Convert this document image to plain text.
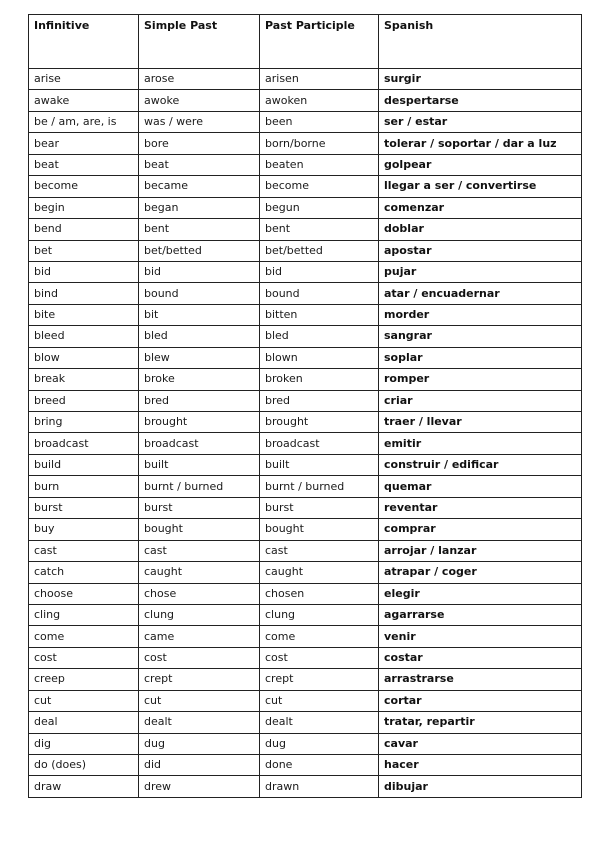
Infinitive	Simple Past	Past Participle	Spanish
arise	arose	arisen	surgir
awake	awoke	awoken	despertarse
be / am, are, is	was / were	been	ser / estar
bear	bore	born/borne	tolerar / soportar / dar a luz
beat	beat	beaten	golpear
become	became	become	llegar a ser / convertirse
begin	began	begun	comenzar
bend	bent	bent	doblar
bet	bet/betted	bet/betted	apostar
bid	bid	bid	pujar
bind	bound	bound	atar / encuadernar
bite	bit	bitten	morder
bleed	bled	bled	sangrar
blow	blew	blown	soplar
break	broke	broken	romper
breed	bred	bred	criar
bring	brought	brought	traer / llevar
broadcast	broadcast	broadcast	emitir
build	built	built	construir / edificar
burn	burnt / burned	burnt / burned	quemar
burst	burst	burst	reventar
buy	bought	bought	comprar
cast	cast	cast	arrojar / lanzar
catch	caught	caught	atrapar / coger
choose	chose	chosen	elegir
cling	clung	clung	agarrarse
come	came	come	venir
cost	cost	cost	costar
creep	crept	crept	arrastrarse
cut	cut	cut	cortar
deal	dealt	dealt	tratar, repartir
dig	dug	dug	cavar
do (does)	did	done	hacer
draw	drew	drawn	dibujar
